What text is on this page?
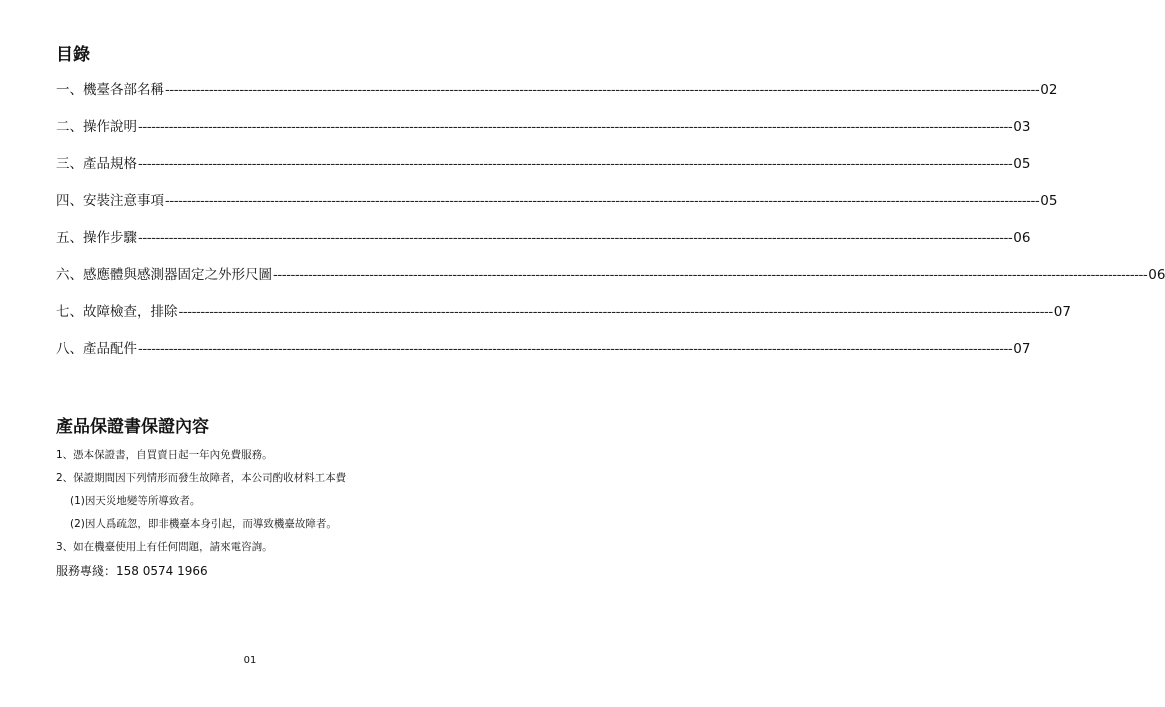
目錄
一、機臺各部名稱 -------------------------------------------------------------------------------------------------------------------------------------------------------------------------------------------------------- 02
二、操作說明 -------------------------------------------------------------------------------------------------------------------------------------------------------------------------------------------------------- 03
三、產品規格 -------------------------------------------------------------------------------------------------------------------------------------------------------------------------------------------------------- 05
四、安裝注意事項 -------------------------------------------------------------------------------------------------------------------------------------------------------------------------------------------------------- 05
五、操作步驟 -------------------------------------------------------------------------------------------------------------------------------------------------------------------------------------------------------- 06
六、感應體與感測器固定之外形尺圖 -------------------------------------------------------------------------------------------------------------------------------------------------------------------------------------------------------- 06
七、故障檢查，排除 -------------------------------------------------------------------------------------------------------------------------------------------------------------------------------------------------------- 07
八、產品配件 -------------------------------------------------------------------------------------------------------------------------------------------------------------------------------------------------------- 07
產品保證書保證內容
1、憑本保證書，自買賣日起一年內免費服務。
2、保證期間因下列情形而發生故障者，本公司酌收材料工本費
(1)因天災地變等所導致者。
(2)因人爲疏忽，即非機臺本身引起，而導致機臺故障者。
3、如在機臺使用上有任何問題，請來電咨詢。
服務專綫：158 0574 1966
01
